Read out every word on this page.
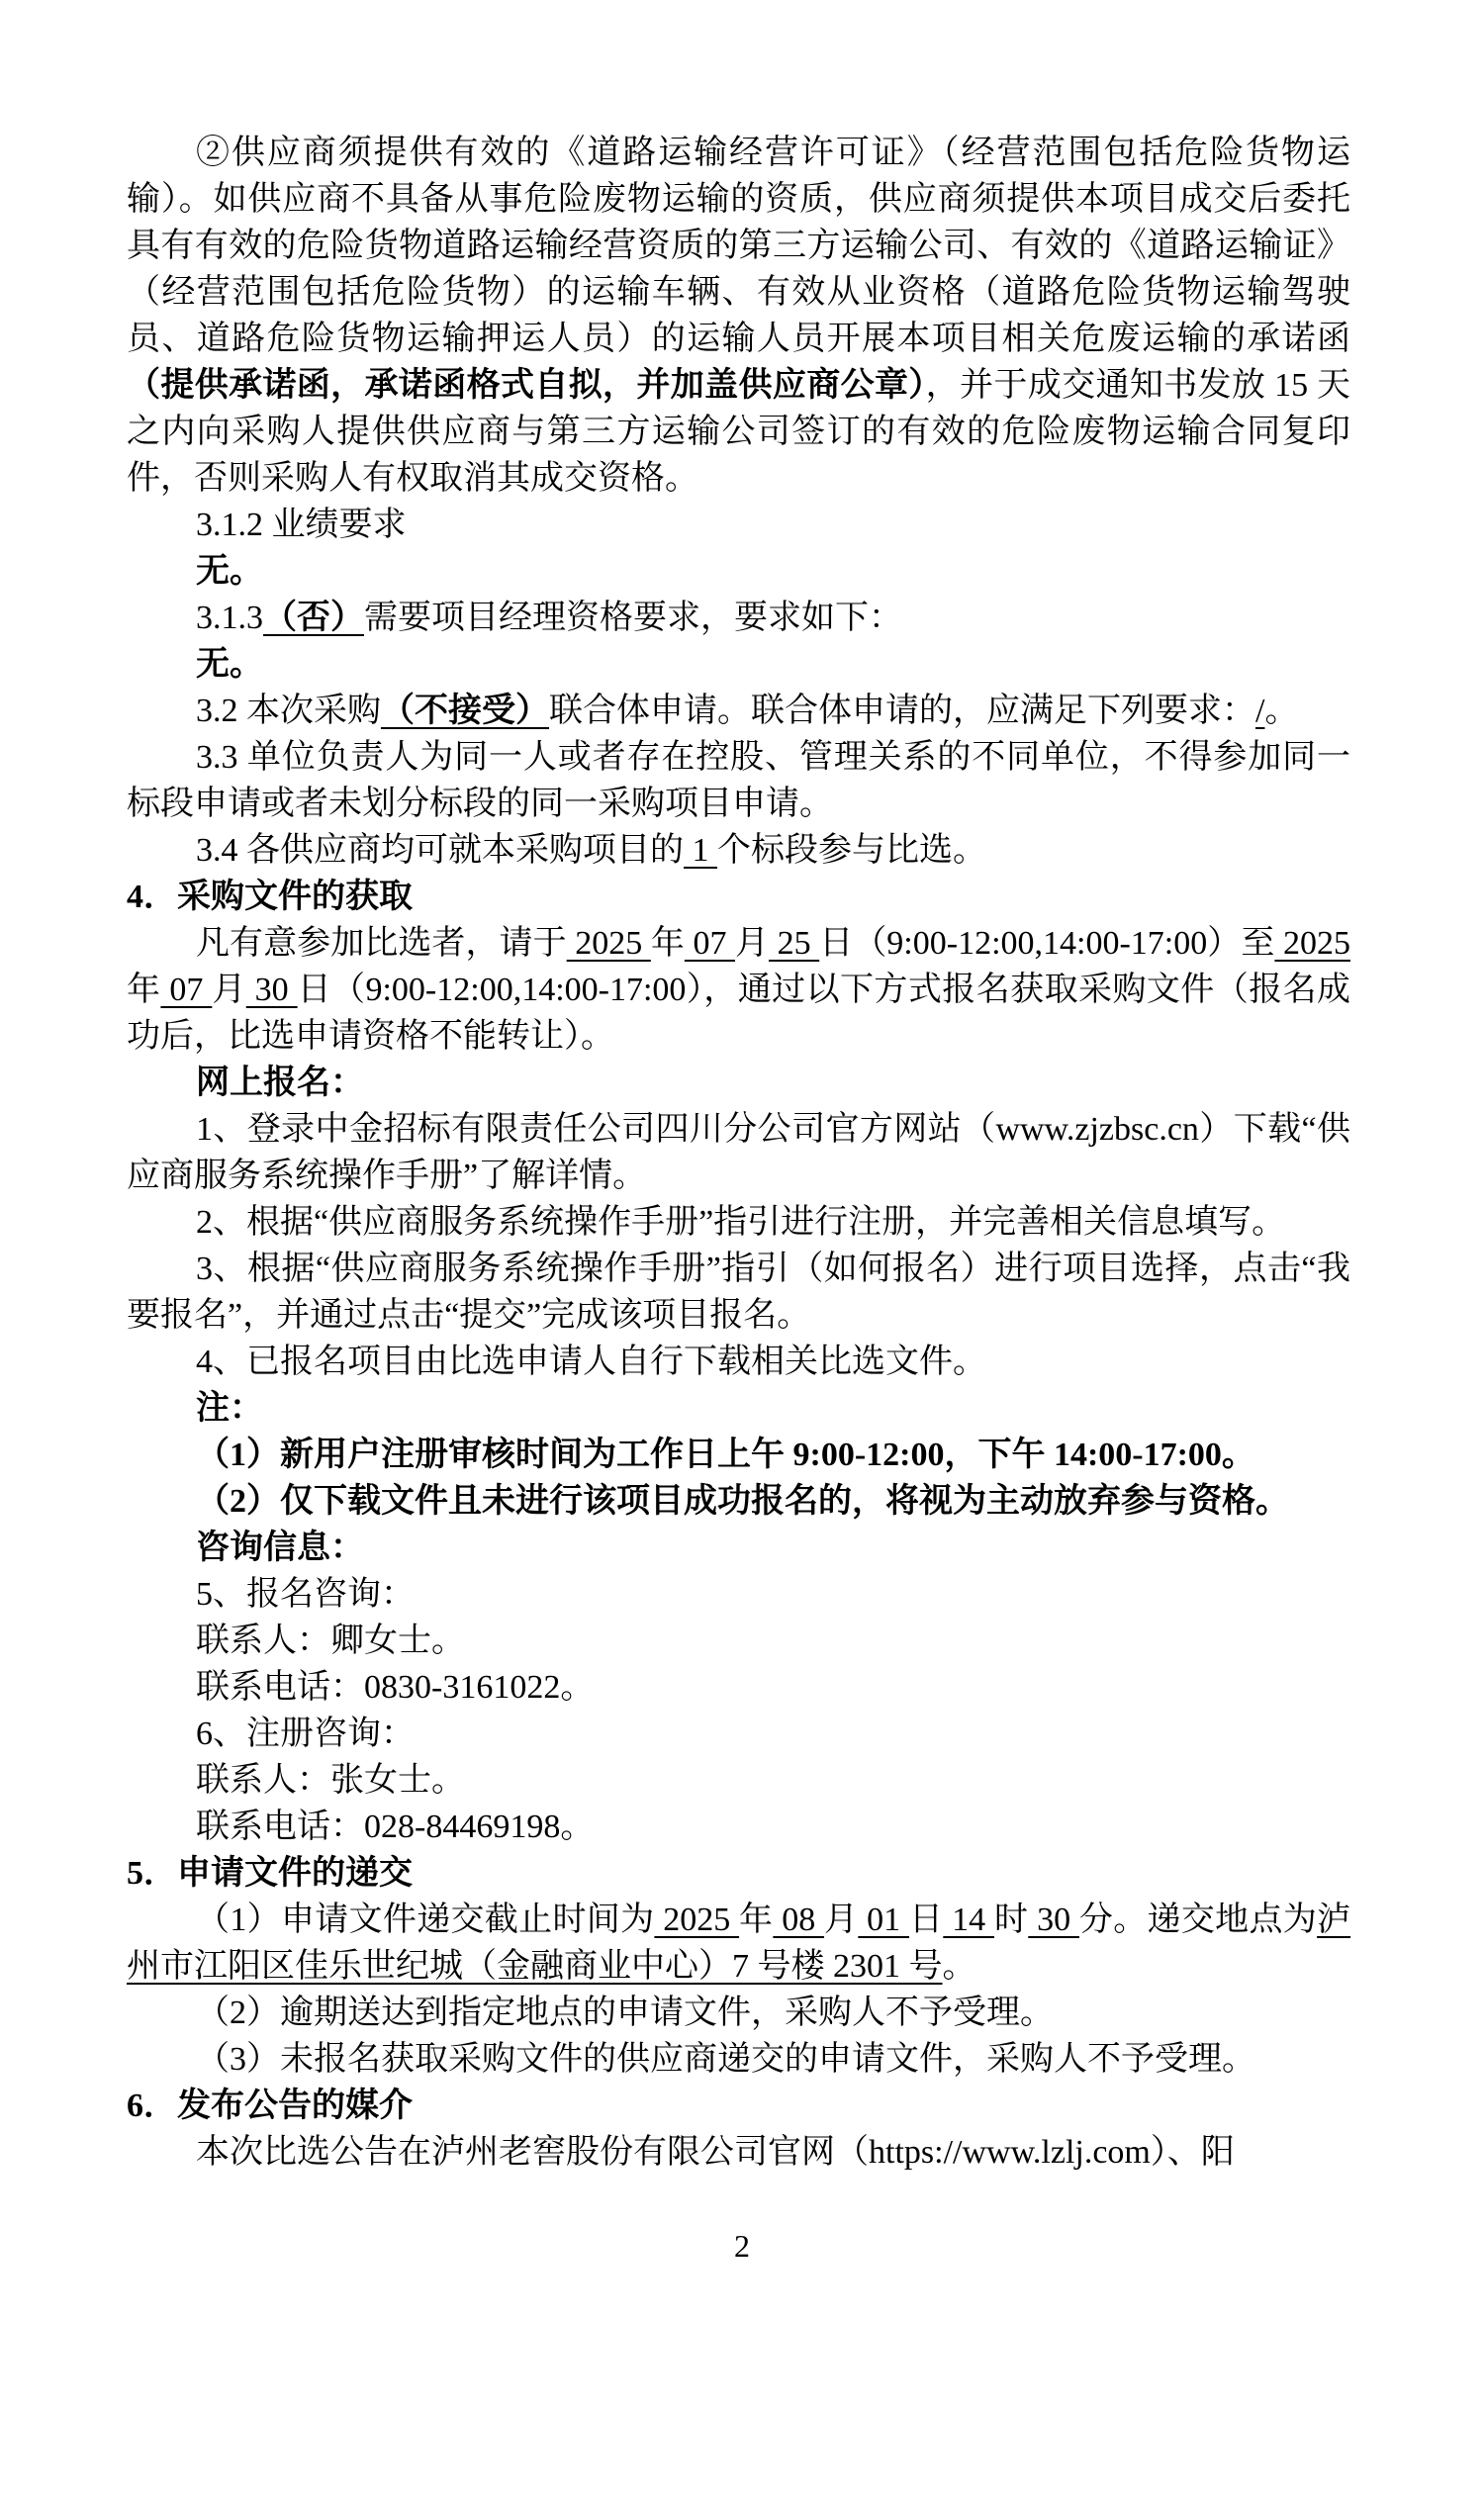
②供应商须提供有效的《道路运输经营许可证》（经营范围包括危险货物运输）。如供应商不具备从事危险废物运输的资质，供应商须提供本项目成交后委托具有有效的危险货物道路运输经营资质的第三方运输公司、有效的《道路运输证》（经营范围包括危险货物）的运输车辆、有效从业资格（道路危险货物运输驾驶员、道路危险货物运输押运人员）的运输人员开展本项目相关危废运输的承诺函（提供承诺函，承诺函格式自拟，并加盖供应商公章），并于成交通知书发放 15 天之内向采购人提供供应商与第三方运输公司签订的有效的危险废物运输合同复印件，否则采购人有权取消其成交资格。

3.1.2 业绩要求

无。

3.1.3（否）需要项目经理资格要求，要求如下：

无。

3.2 本次采购（不接受）联合体申请。联合体申请的，应满足下列要求：/。

3.3 单位负责人为同一人或者存在控股、管理关系的不同单位，不得参加同一标段申请或者未划分标段的同一采购项目申请。

3.4 各供应商均可就本采购项目的 1 个标段参与比选。

4．采购文件的获取

凡有意参加比选者，请于 2025 年 07 月 25 日（9:00-12:00,14:00-17:00）至 2025 年 07 月 30 日（9:00-12:00,14:00-17:00），通过以下方式报名获取采购文件（报名成功后，比选申请资格不能转让）。

网上报名：

1、登录中金招标有限责任公司四川分公司官方网站（www.zjzbsc.cn）下载“供应商服务系统操作手册”了解详情。

2、根据“供应商服务系统操作手册”指引进行注册，并完善相关信息填写。

3、根据“供应商服务系统操作手册”指引（如何报名）进行项目选择，点击“我要报名”，并通过点击“提交”完成该项目报名。

4、已报名项目由比选申请人自行下载相关比选文件。

注：

（1）新用户注册审核时间为工作日上午 9:00-12:00，下午 14:00-17:00。

（2）仅下载文件且未进行该项目成功报名的，将视为主动放弃参与资格。

咨询信息：

5、报名咨询：

联系人：卿女士。

联系电话：0830-3161022。

6、注册咨询：

联系人：张女士。

联系电话：028-84469198。

5．申请文件的递交

（1）申请文件递交截止时间为 2025 年 08 月 01 日 14 时 30 分。递交地点为泸州市江阳区佳乐世纪城（金融商业中心）7 号楼 2301 号。

（2）逾期送达到指定地点的申请文件，采购人不予受理。

（3）未报名获取采购文件的供应商递交的申请文件，采购人不予受理。

6．发布公告的媒介

本次比选公告在泸州老窖股份有限公司官网（https://www.lzlj.com）、阳

2
